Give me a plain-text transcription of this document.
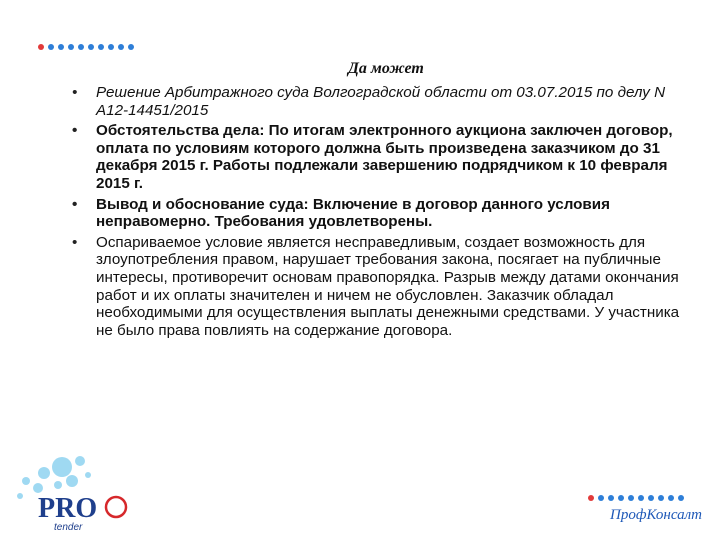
Да может
• Решение Арбитражного суда Волгоградской области от 03.07.2015 по делу N А12-14451/2015
• Обстоятельства дела: По итогам электронного аукциона заключен договор, оплата по условиям которого должна быть произведена заказчиком до 31 декабря 2015 г. Работы подлежали завершению подрядчиком к 10 февраля 2015 г.
• Вывод и обоснование суда: Включение в договор данного условия неправомерно. Требования удовлетворены.
• Оспариваемое условие является несправедливым, создает возможность для злоупотребления правом, нарушает требования закона, посягает на публичные интересы, противоречит основам правопорядка. Разрыв между датами окончания работ и их оплаты значителен и ничем не обусловлен. Заказчик обладал необходимыми для осуществления выплаты денежными средствами. У участника не было права повлиять на содержание договора.
PRO
tender
ПрофКонсалт
